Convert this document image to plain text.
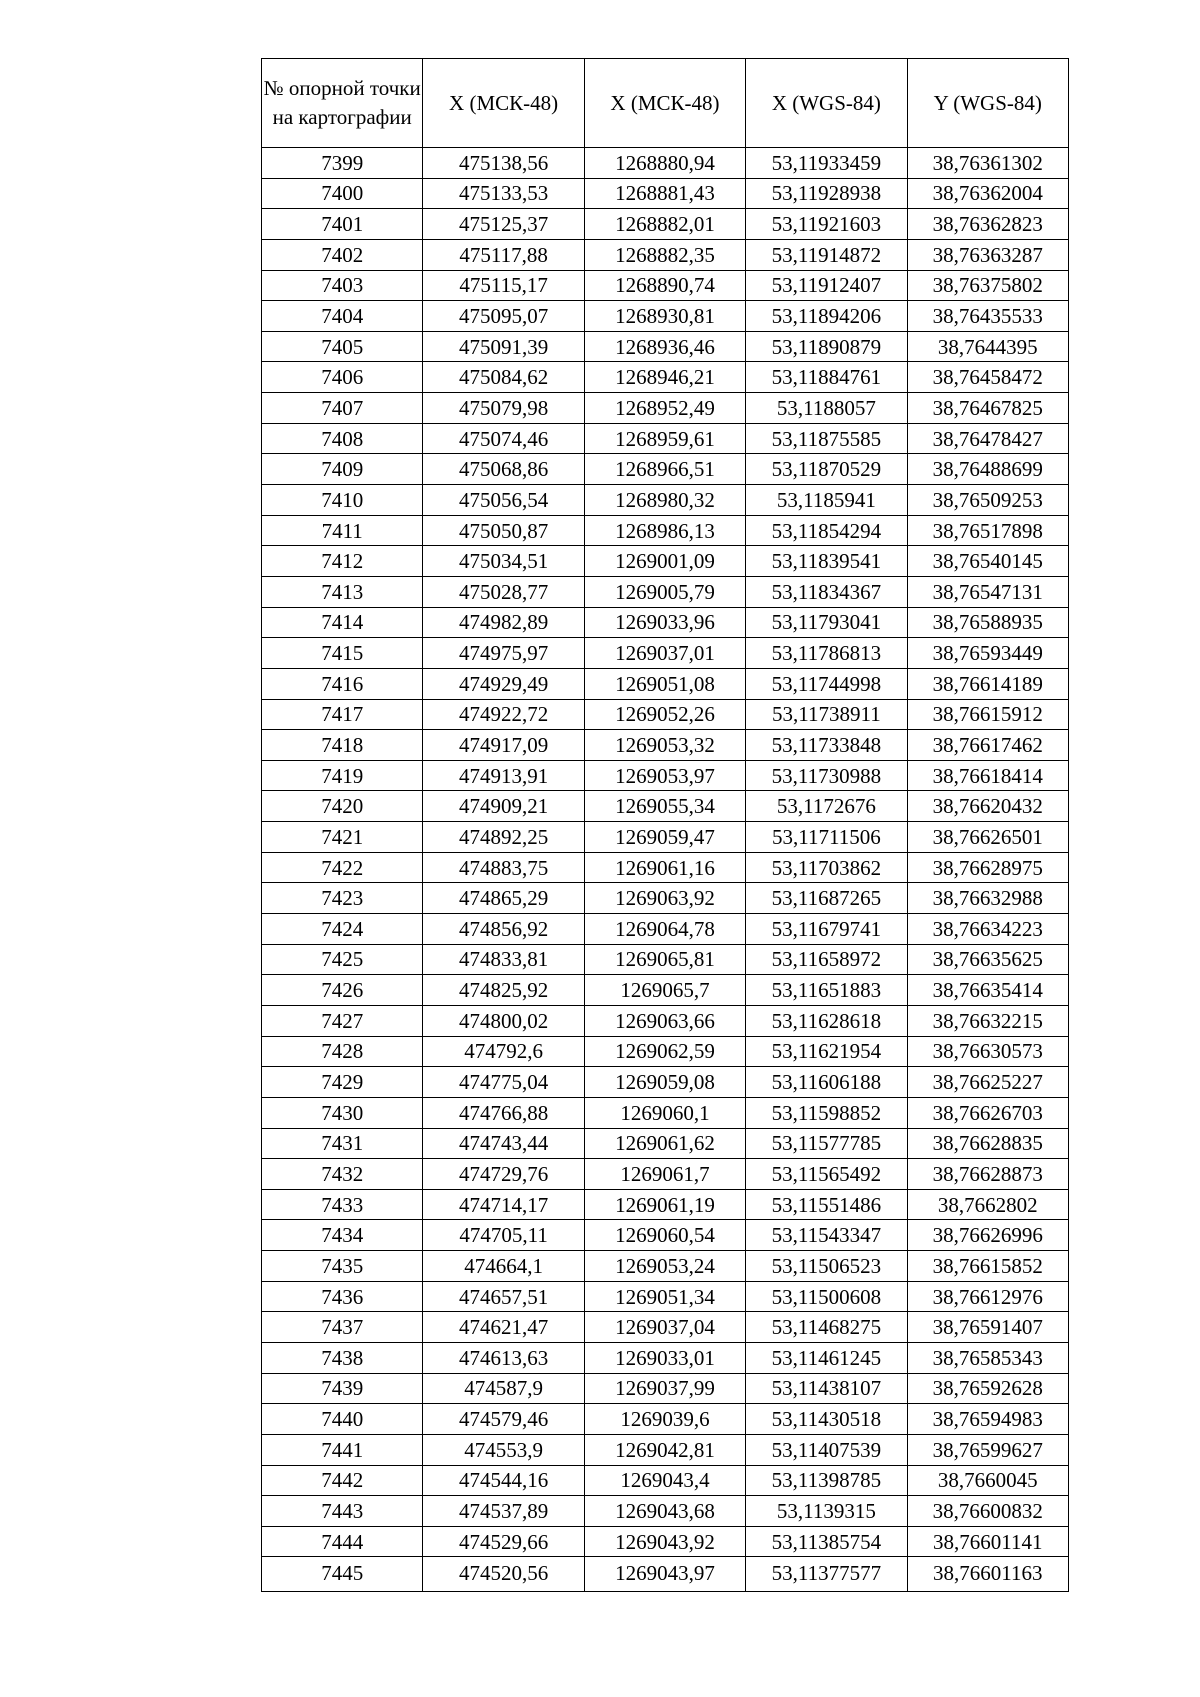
№ опорной точки на картографии	X (МСК-48)	X (МСК-48)	X (WGS-84)	Y (WGS-84)
7399	475138,56	1268880,94	53,11933459	38,76361302
7400	475133,53	1268881,43	53,11928938	38,76362004
7401	475125,37	1268882,01	53,11921603	38,76362823
7402	475117,88	1268882,35	53,11914872	38,76363287
7403	475115,17	1268890,74	53,11912407	38,76375802
7404	475095,07	1268930,81	53,11894206	38,76435533
7405	475091,39	1268936,46	53,11890879	38,7644395
7406	475084,62	1268946,21	53,11884761	38,76458472
7407	475079,98	1268952,49	53,1188057	38,76467825
7408	475074,46	1268959,61	53,11875585	38,76478427
7409	475068,86	1268966,51	53,11870529	38,76488699
7410	475056,54	1268980,32	53,1185941	38,76509253
7411	475050,87	1268986,13	53,11854294	38,76517898
7412	475034,51	1269001,09	53,11839541	38,76540145
7413	475028,77	1269005,79	53,11834367	38,76547131
7414	474982,89	1269033,96	53,11793041	38,76588935
7415	474975,97	1269037,01	53,11786813	38,76593449
7416	474929,49	1269051,08	53,11744998	38,76614189
7417	474922,72	1269052,26	53,11738911	38,76615912
7418	474917,09	1269053,32	53,11733848	38,76617462
7419	474913,91	1269053,97	53,11730988	38,76618414
7420	474909,21	1269055,34	53,1172676	38,76620432
7421	474892,25	1269059,47	53,11711506	38,76626501
7422	474883,75	1269061,16	53,11703862	38,76628975
7423	474865,29	1269063,92	53,11687265	38,76632988
7424	474856,92	1269064,78	53,11679741	38,76634223
7425	474833,81	1269065,81	53,11658972	38,76635625
7426	474825,92	1269065,7	53,11651883	38,76635414
7427	474800,02	1269063,66	53,11628618	38,76632215
7428	474792,6	1269062,59	53,11621954	38,76630573
7429	474775,04	1269059,08	53,11606188	38,76625227
7430	474766,88	1269060,1	53,11598852	38,76626703
7431	474743,44	1269061,62	53,11577785	38,76628835
7432	474729,76	1269061,7	53,11565492	38,76628873
7433	474714,17	1269061,19	53,11551486	38,7662802
7434	474705,11	1269060,54	53,11543347	38,76626996
7435	474664,1	1269053,24	53,11506523	38,76615852
7436	474657,51	1269051,34	53,11500608	38,76612976
7437	474621,47	1269037,04	53,11468275	38,76591407
7438	474613,63	1269033,01	53,11461245	38,76585343
7439	474587,9	1269037,99	53,11438107	38,76592628
7440	474579,46	1269039,6	53,11430518	38,76594983
7441	474553,9	1269042,81	53,11407539	38,76599627
7442	474544,16	1269043,4	53,11398785	38,7660045
7443	474537,89	1269043,68	53,1139315	38,76600832
7444	474529,66	1269043,92	53,11385754	38,76601141
7445	474520,56	1269043,97	53,11377577	38,76601163
